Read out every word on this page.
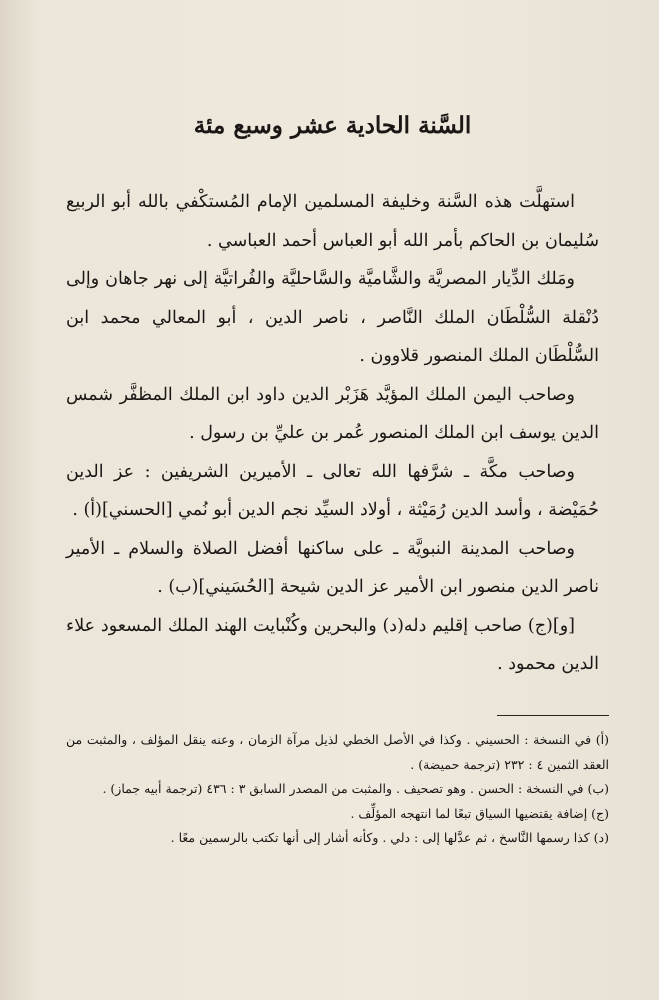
السَّنة الحادية عشر وسبع مئة

استهلَّت هذه السَّنة وخليفة المسلمين الإمام المُستكْفي بالله أبو الربيع سُليمان بن الحاكم بأمر الله أبو العباس أحمد العباسي .

ومَلك الدِّيار المصريَّة والشَّاميَّة والسَّاحليَّة والفُراتيَّة إلى نهر جاهان وإلى دُنْقلة السُّلْطَان الملك النَّاصر ، ناصر الدين ، أبو المعالي محمد ابن السُّلْطَان الملك المنصور قلاوون .

وصاحب اليمن الملك المؤيَّد هَزَبْر الدين داود ابن الملك المظفَّر شمس الدين يوسف ابن الملك المنصور عُمر بن عليِّ بن رسول .

وصاحب مكَّة ـ شرَّفها الله تعالى ـ الأميرين الشريفين : عز الدين حُمَيْضة ، وأسد الدين رُمَيْثة ، أولاد السيِّد نجم الدين أبو نُمي [الحسني](أ) .

وصاحب المدينة النبويَّة ـ على ساكنها أفضل الصلاة والسلام ـ الأمير ناصر الدين منصور ابن الأمير عز الدين شيحة [الحُسَيني](ب) .

[و](ج) صاحب إقليم دله(د) والبحرين وكُنْبايت الهند الملك المسعود علاء الدين محمود .

(أ) في النسخة : الحسيني . وكذا في الأصل الخطي لذيل مرآة الزمان ، وعنه ينقل المؤلف ، والمثبت من العقد الثمين ٤ : ٢٣٢ (ترجمة حميضة) .

(ب) في النسخة : الحسن . وهو تصحيف . والمثبت من المصدر السابق ٣ : ٤٣٦ (ترجمة أبيه جماز) .

(ج) إضافة يقتضيها السياق تبعًا لما انتهجه المؤلِّف .

(د) كذا رسمها النَّاسخ ، ثم عدَّلها إلى : دلي . وكأنه أشار إلى أنها تكتب بالرسمين معًا .
